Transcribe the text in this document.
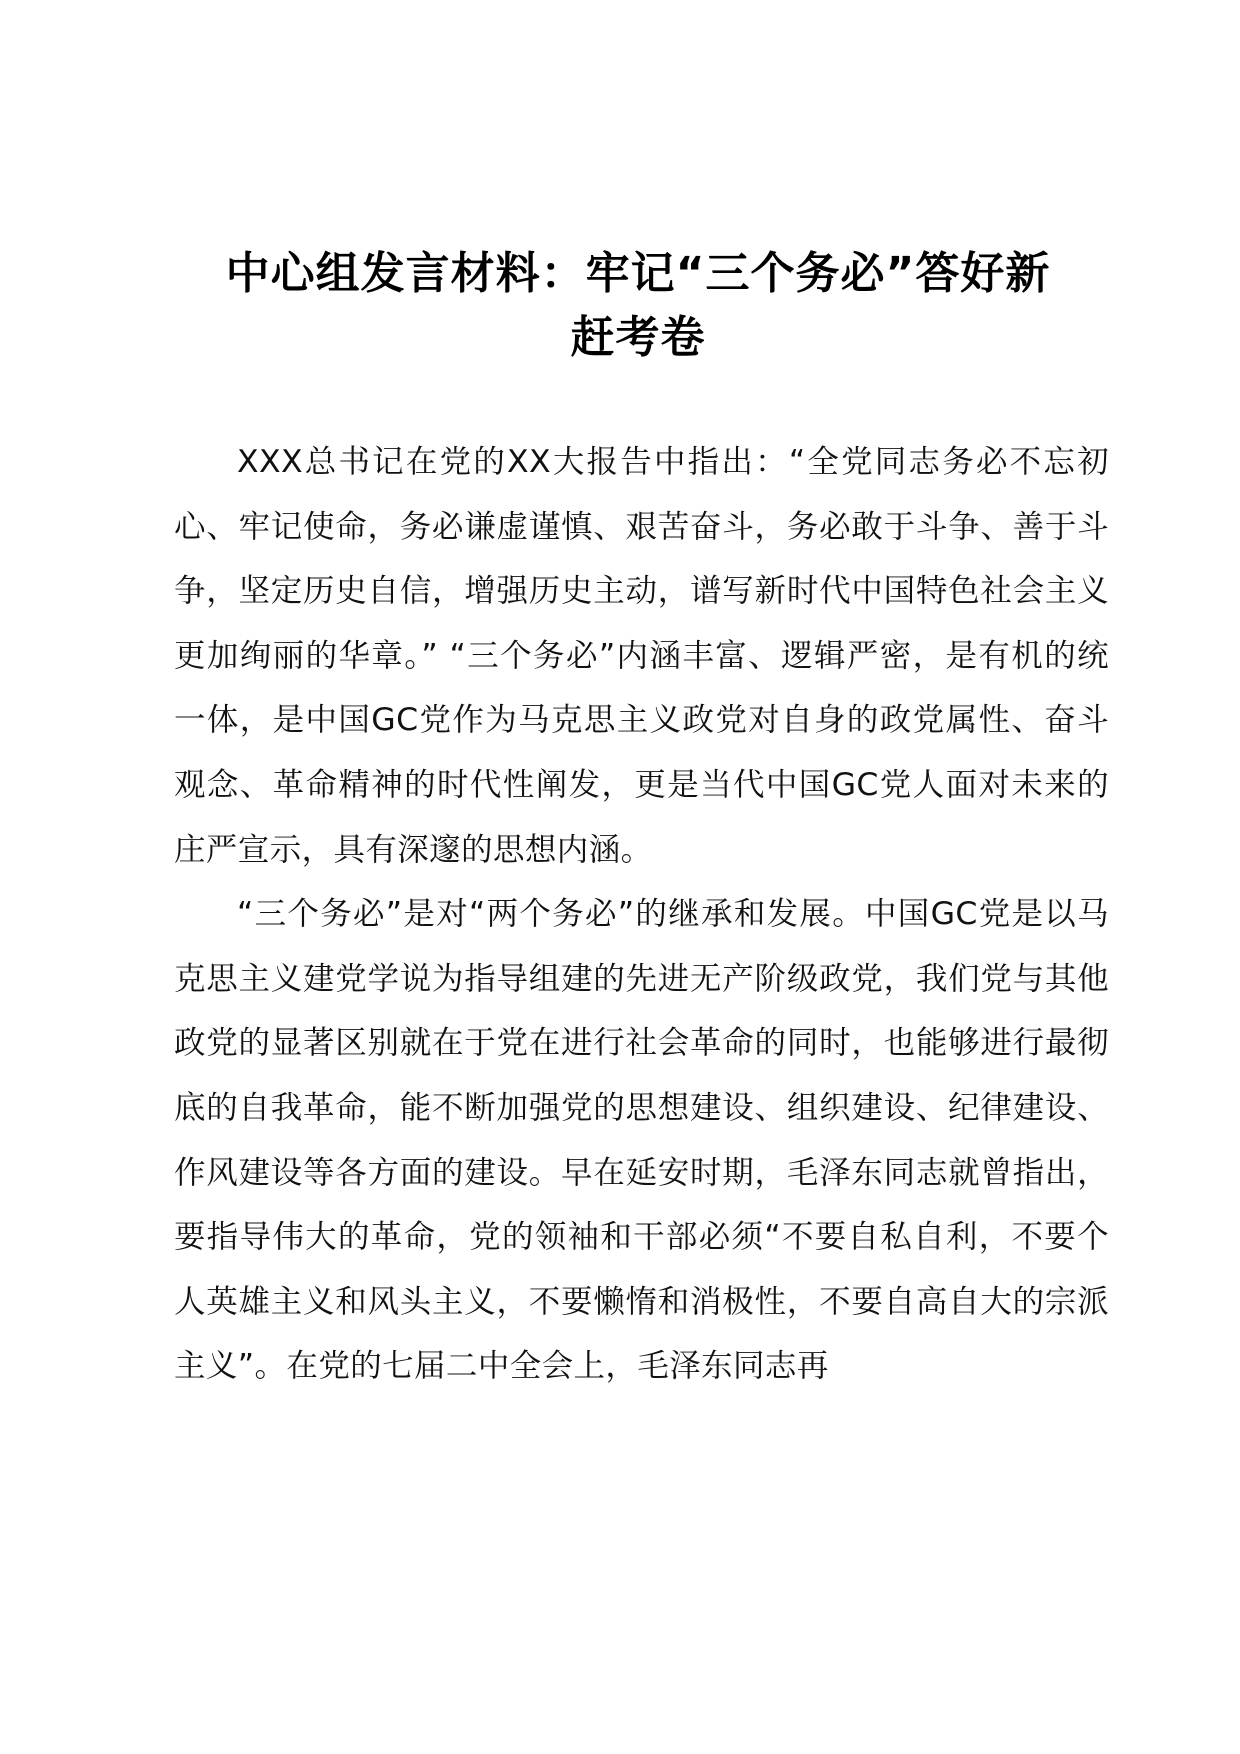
中心组发言材料：牢记“三个务必”答好新
赶考卷

XXX总书记在党的XX大报告中指出：“全党同志务必不忘初心、牢记使命，务必谦虚谨慎、艰苦奋斗，务必敢于斗争、善于斗争，坚定历史自信，增强历史主动，谱写新时代中国特色社会主义更加绚丽的华章。” “三个务必”内涵丰富、逻辑严密，是有机的统一体，是中国GC党作为马克思主义政党对自身的政党属性、奋斗观念、革命精神的时代性阐发，更是当代中国GC党人面对未来的庄严宣示，具有深邃的思想内涵。

“三个务必”是对“两个务必”的继承和发展。中国GC党是以马克思主义建党学说为指导组建的先进无产阶级政党，我们党与其他政党的显著区别就在于党在进行社会革命的同时，也能够进行最彻底的自我革命，能不断加强党的思想建设、组织建设、纪律建设、作风建设等各方面的建设。早在延安时期，毛泽东同志就曾指出，要指导伟大的革命，党的领袖和干部必须“不要自私自利，不要个人英雄主义和风头主义，不要懒惰和消极性，不要自高自大的宗派主义”。在党的七届二中全会上，毛泽东同志再
